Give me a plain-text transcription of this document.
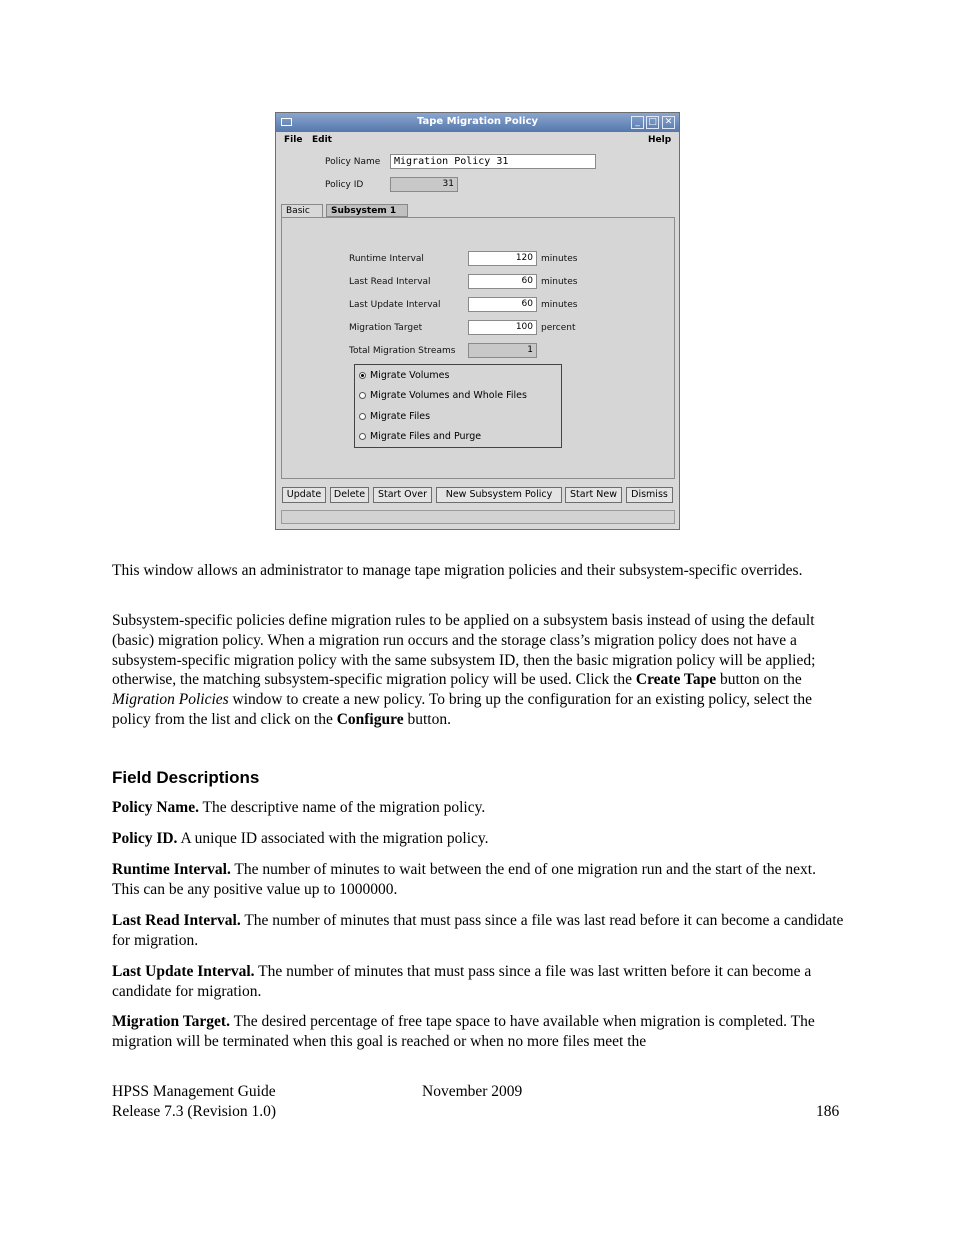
Tape Migration Policy	_ □ ✕
File Edit	Help
Policy Name	Migration Policy 31
Policy ID	31
Basic	Subsystem 1
Runtime Interval	120 minutes
Last Read Interval	60 minutes
Last Update Interval	60 minutes
Migration Target	100 percent
Total Migration Streams	1
Migrate Volumes
Migrate Volumes and Whole Files
Migrate Files
Migrate Files and Purge
Update	Delete	Start Over	New Subsystem Policy	Start New	Dismiss

This window allows an administrator to manage tape migration policies and their subsystem-specific overrides.

Subsystem-specific policies define migration rules to be applied on a subsystem basis instead of using the default (basic) migration policy. When a migration run occurs and the storage class’s migration policy does not have a subsystem-specific migration policy with the same subsystem ID, then the basic migration policy will be applied; otherwise, the matching subsystem-specific migration policy will be used. Click the Create Tape button on the Migration Policies window to create a new policy. To bring up the configuration for an existing policy, select the policy from the list and click on the Configure button.

Field Descriptions

Policy Name. The descriptive name of the migration policy.

Policy ID. A unique ID associated with the migration policy.

Runtime Interval. The number of minutes to wait between the end of one migration run and the start of the next. This can be any positive value up to 1000000.

Last Read Interval. The number of minutes that must pass since a file was last read before it can become a candidate for migration.

Last Update Interval. The number of minutes that must pass since a file was last written before it can become a candidate for migration.

Migration Target. The desired percentage of free tape space to have available when migration is completed. The migration will be terminated when this goal is reached or when no more files meet the

HPSS Management Guide	November 2009
Release 7.3 (Revision 1.0)	186
